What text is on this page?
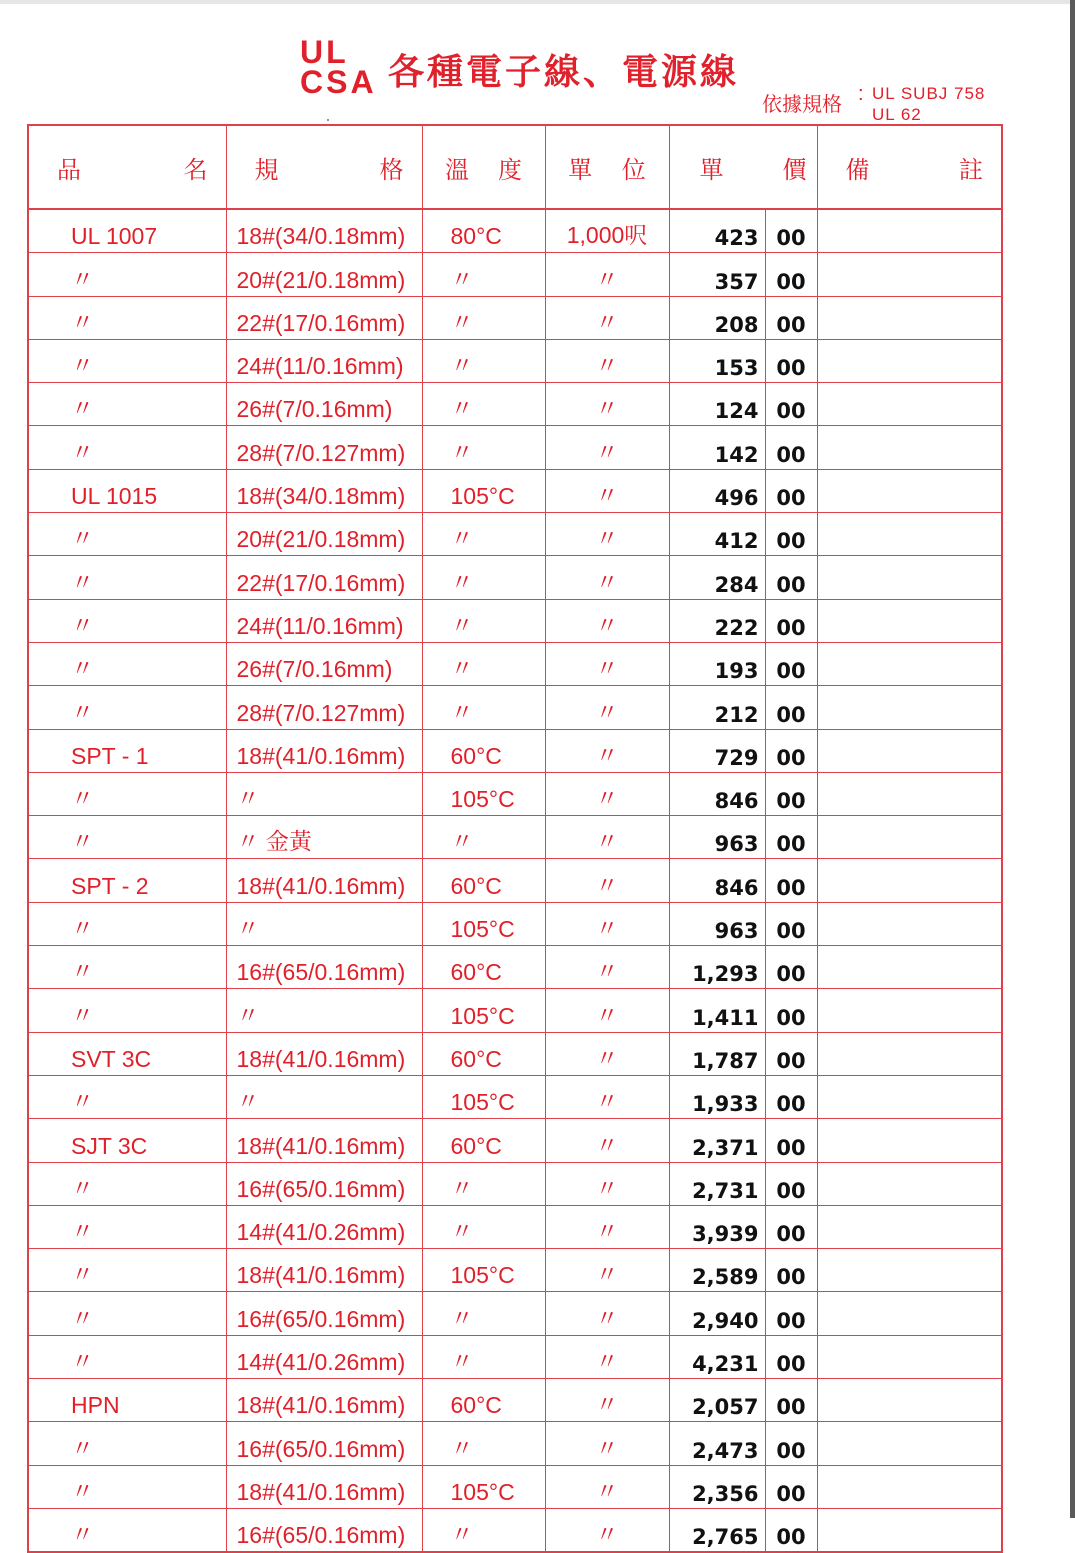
UL
CSA 各種電子線、電源線
依據規格 : UL SUBJ 758
UL 62
品 名	規 格	溫 度	單 位	單 價		備 註

UL 1007	18#(34/0.18mm)	80°C	1,000呎	423	00	
〃	20#(21/0.18mm)	〃	〃	357	00	
〃	22#(17/0.16mm)	〃	〃	208	00	
〃	24#(11/0.16mm)	〃	〃	153	00	
〃	26#(7/0.16mm)	〃	〃	124	00	
〃	28#(7/0.127mm)	〃	〃	142	00	
UL 1015	18#(34/0.18mm)	105°C	〃	496	00	
〃	20#(21/0.18mm)	〃	〃	412	00	
〃	22#(17/0.16mm)	〃	〃	284	00	
〃	24#(11/0.16mm)	〃	〃	222	00	
〃	26#(7/0.16mm)	〃	〃	193	00	
〃	28#(7/0.127mm)	〃	〃	212	00	
SPT - 1	18#(41/0.16mm)	60°C	〃	729	00	
〃	〃	105°C	〃	846	00	
〃	〃 金黃	〃	〃	963	00	
SPT - 2	18#(41/0.16mm)	60°C	〃	846	00	
〃	〃	105°C	〃	963	00	
〃	16#(65/0.16mm)	60°C	〃	1,293	00	
〃	〃	105°C	〃	1,411	00	
SVT 3C	18#(41/0.16mm)	60°C	〃	1,787	00	
〃	〃	105°C	〃	1,933	00	
SJT 3C	18#(41/0.16mm)	60°C	〃	2,371	00	
〃	16#(65/0.16mm)	〃	〃	2,731	00	
〃	14#(41/0.26mm)	〃	〃	3,939	00	
〃	18#(41/0.16mm)	105°C	〃	2,589	00	
〃	16#(65/0.16mm)	〃	〃	2,940	00	
〃	14#(41/0.26mm)	〃	〃	4,231	00	
HPN	18#(41/0.16mm)	60°C	〃	2,057	00	
〃	16#(65/0.16mm)	〃	〃	2,473	00	
〃	18#(41/0.16mm)	105°C	〃	2,356	00	
〃	16#(65/0.16mm)	〃	〃	2,765	00	
